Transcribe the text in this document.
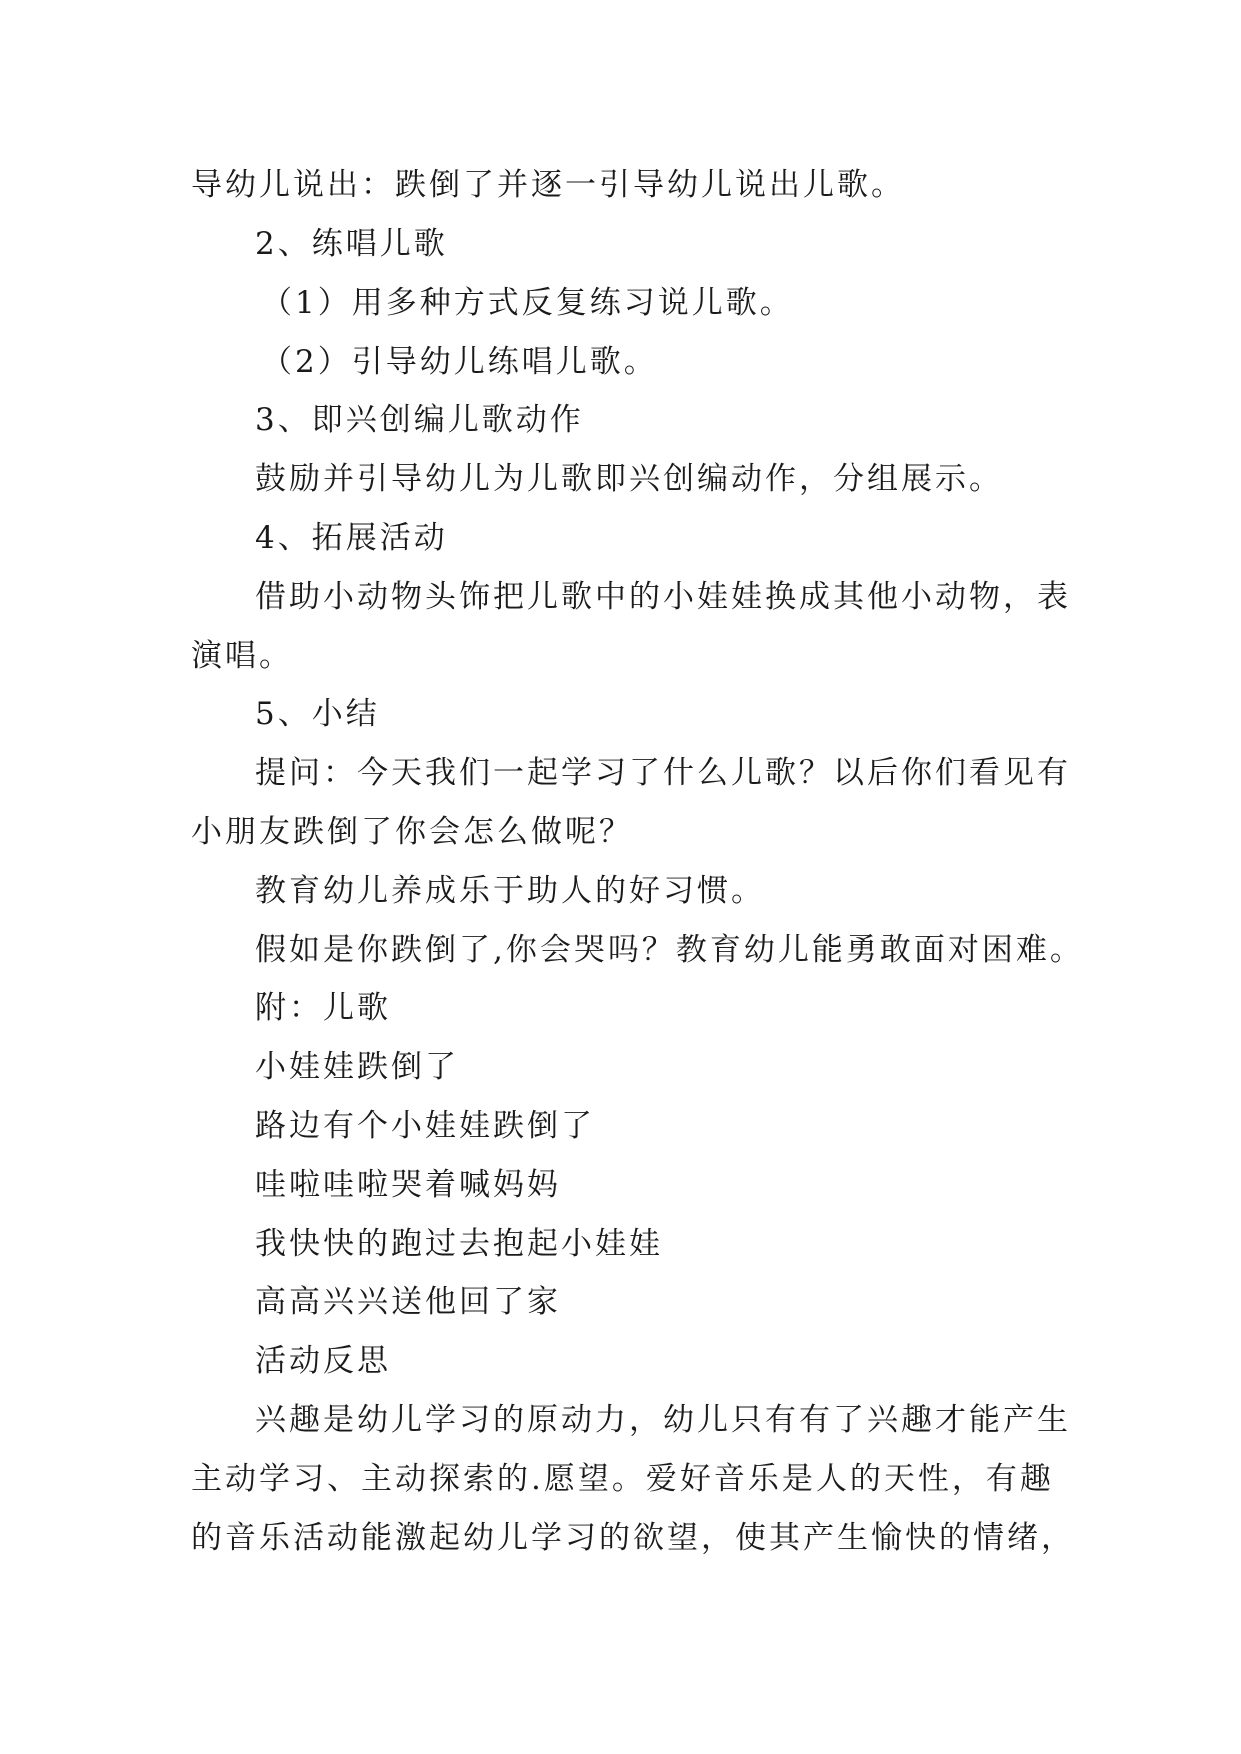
导幼儿说出：跌倒了并逐一引导幼儿说出儿歌。
2、练唱儿歌
（1）用多种方式反复练习说儿歌。
（2）引导幼儿练唱儿歌。
3、即兴创编儿歌动作
鼓励并引导幼儿为儿歌即兴创编动作，分组展示。
4、拓展活动
借助小动物头饰把儿歌中的小娃娃换成其他小动物，表
演唱。
5、小结
提问：今天我们一起学习了什么儿歌？以后你们看见有
小朋友跌倒了你会怎么做呢？
教育幼儿养成乐于助人的好习惯。
假如是你跌倒了,你会哭吗？教育幼儿能勇敢面对困难。
附：儿歌
小娃娃跌倒了
路边有个小娃娃跌倒了
哇啦哇啦哭着喊妈妈
我快快的跑过去抱起小娃娃
高高兴兴送他回了家
活动反思
兴趣是幼儿学习的原动力，幼儿只有有了兴趣才能产生
主动学习、主动探索的.愿望。爱好音乐是人的天性，有趣
的音乐活动能激起幼儿学习的欲望，使其产生愉快的情绪，
